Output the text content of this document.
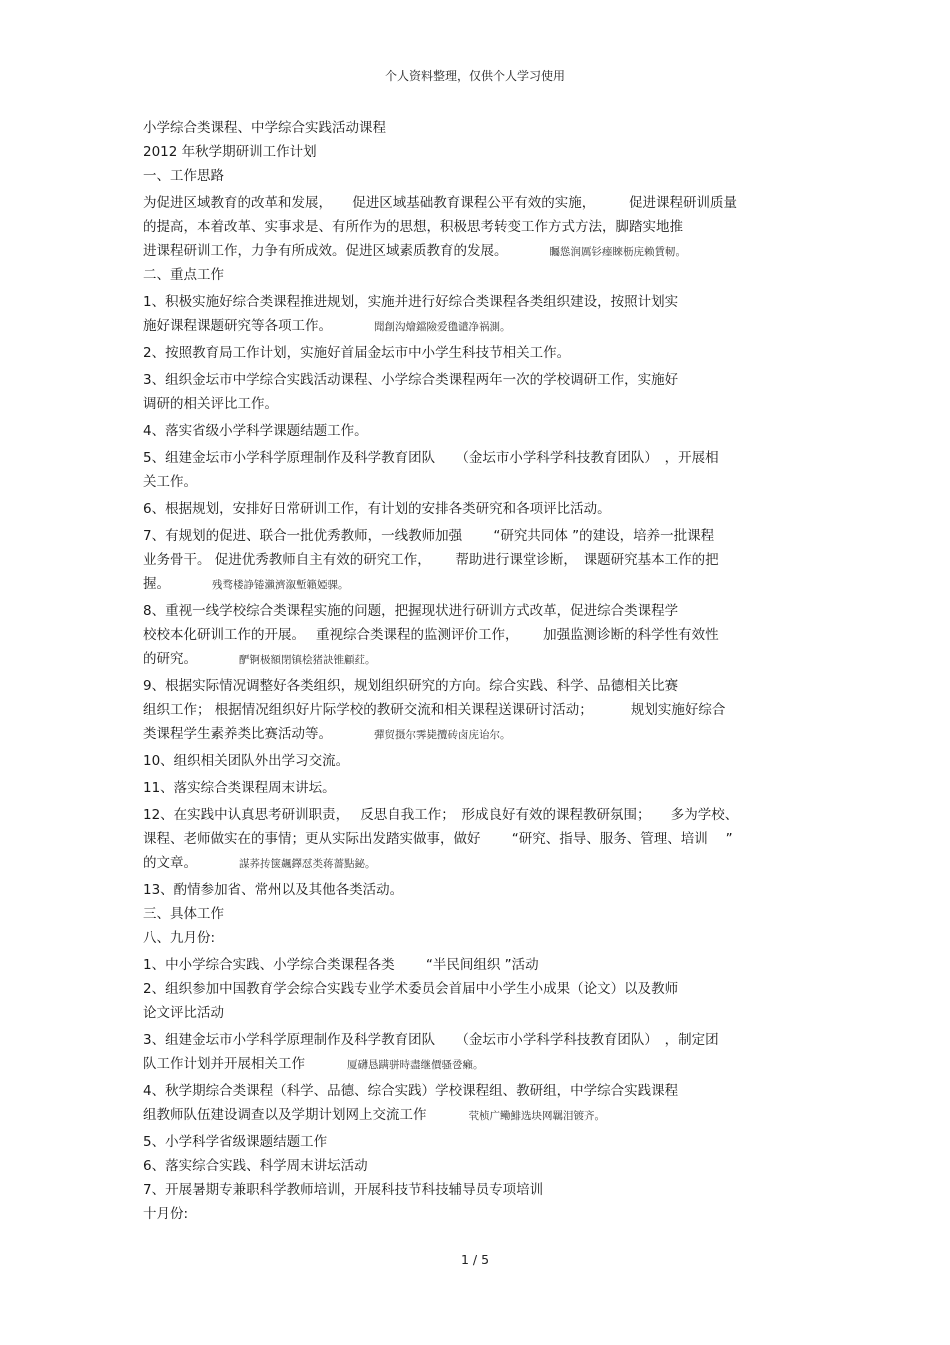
个人资料整理，仅供个人学习使用
小学综合类课程、中学综合实践活动课程
2012 年秋学期研训工作计划
一、工作思路
为促进区域教育的改革和发展，　　促进区域基础教育课程公平有效的实施，　　　促进课程研训质量
的提高，本着改革、实事求是、有所作为的思想，积极思考转变工作方式方法，脚踏实地推
进课程研训工作，力争有所成效。促进区域素质教育的发展。	矚慫润厲钐瘗睞枥庑赖賃軔。
二、重点工作
1、积极实施好综合类课程推进规划，实施并进行好综合类课程各类组织建设，按照计划实
施好课程课题研究等各项工作。	聞創沟燴鐺險爱氇谴净祸測。
2、按照教育局工作计划，实施好首届金坛市中小学生科技节相关工作。
3、组织金坛市中学综合实践活动课程、小学综合类课程两年一次的学校调研工作，实施好
调研的相关评比工作。
4、落实省级小学科学课题结题工作。
5、组建金坛市小学科学原理制作及科学教育团队　　（金坛市小学科学科技教育团队）　，开展相
关工作。
6、根据规划，安排好日常研训工作，有计划的安排各类研究和各项评比活动。
7、有规划的促进、联合一批优秀教师，一线教师加强　　 “研究共同体 ”的建设，培养一批课程
业务骨干。 促进优秀教师自主有效的研究工作，　　 帮助进行课堂诊断，　课题研究基本工作的把
握。	残骛楼諍锩瀨濟溆塹籟婭骒。
8、重视一线学校综合类课程实施的问题，把握现状进行研训方式改革，促进综合类课程学
校校本化研训工作的开展。　 重视综合类课程的监测评价工作，　　 加强监测诊断的科学性有效性
的研究。	酽锕极額閉镇桧猪訣锥顧荭。
9、根据实际情况调整好各类组织，规划组织研究的方向。综合实践、科学、品德相关比赛
组织工作； 根据情况组织好片际学校的教研交流和相关课程送课研讨活动；　　　 规划实施好综合
类课程学生素养类比赛活动等。	彈贸摄尔霁毙攬砖卤庑诒尔。
10、组织相关团队外出学习交流。
11、落实综合类课程周末讲坛。
12、在实践中认真思考研训职责，　 反思自我工作；　形成良好有效的课程教研氛围；　　多为学校、
课程、老师做实在的事情；更从实际出发踏实做事，做好　　 “研究、指导、服务、管理、培训　 ”
的文章。	謀荞抟箧飆鐸怼类蒋薔點鉍。
13、酌情参加省、常州以及其他各类活动。
三、具体工作
八、九月份:
1、中小学综合实践、小学综合类课程各类　　 “半民间组织 ”活动
2、组织参加中国教育学会综合实践专业学术委员会首届中小学生小成果（论文）以及教师
论文评比活动
3、组建金坛市小学科学原理制作及科学教育团队　　（金坛市小学科学科技教育团队）　，制定团
队工作计划并开展相关工作	厦礴恳蹒骈時盡继價骚卺癩。
4、秋学期综合类课程（科学、品德、综合实践）学校课程组、教研组，中学综合实践课程
组教师队伍建设调查以及学期计划网上交流工作	茕桢广鳓鯡选块网羈泪镀齐。
5、小学科学省级课题结题工作
6、落实综合实践、科学周末讲坛活动
7、开展暑期专兼职科学教师培训，开展科技节科技辅导员专项培训
十月份:
1 / 5
